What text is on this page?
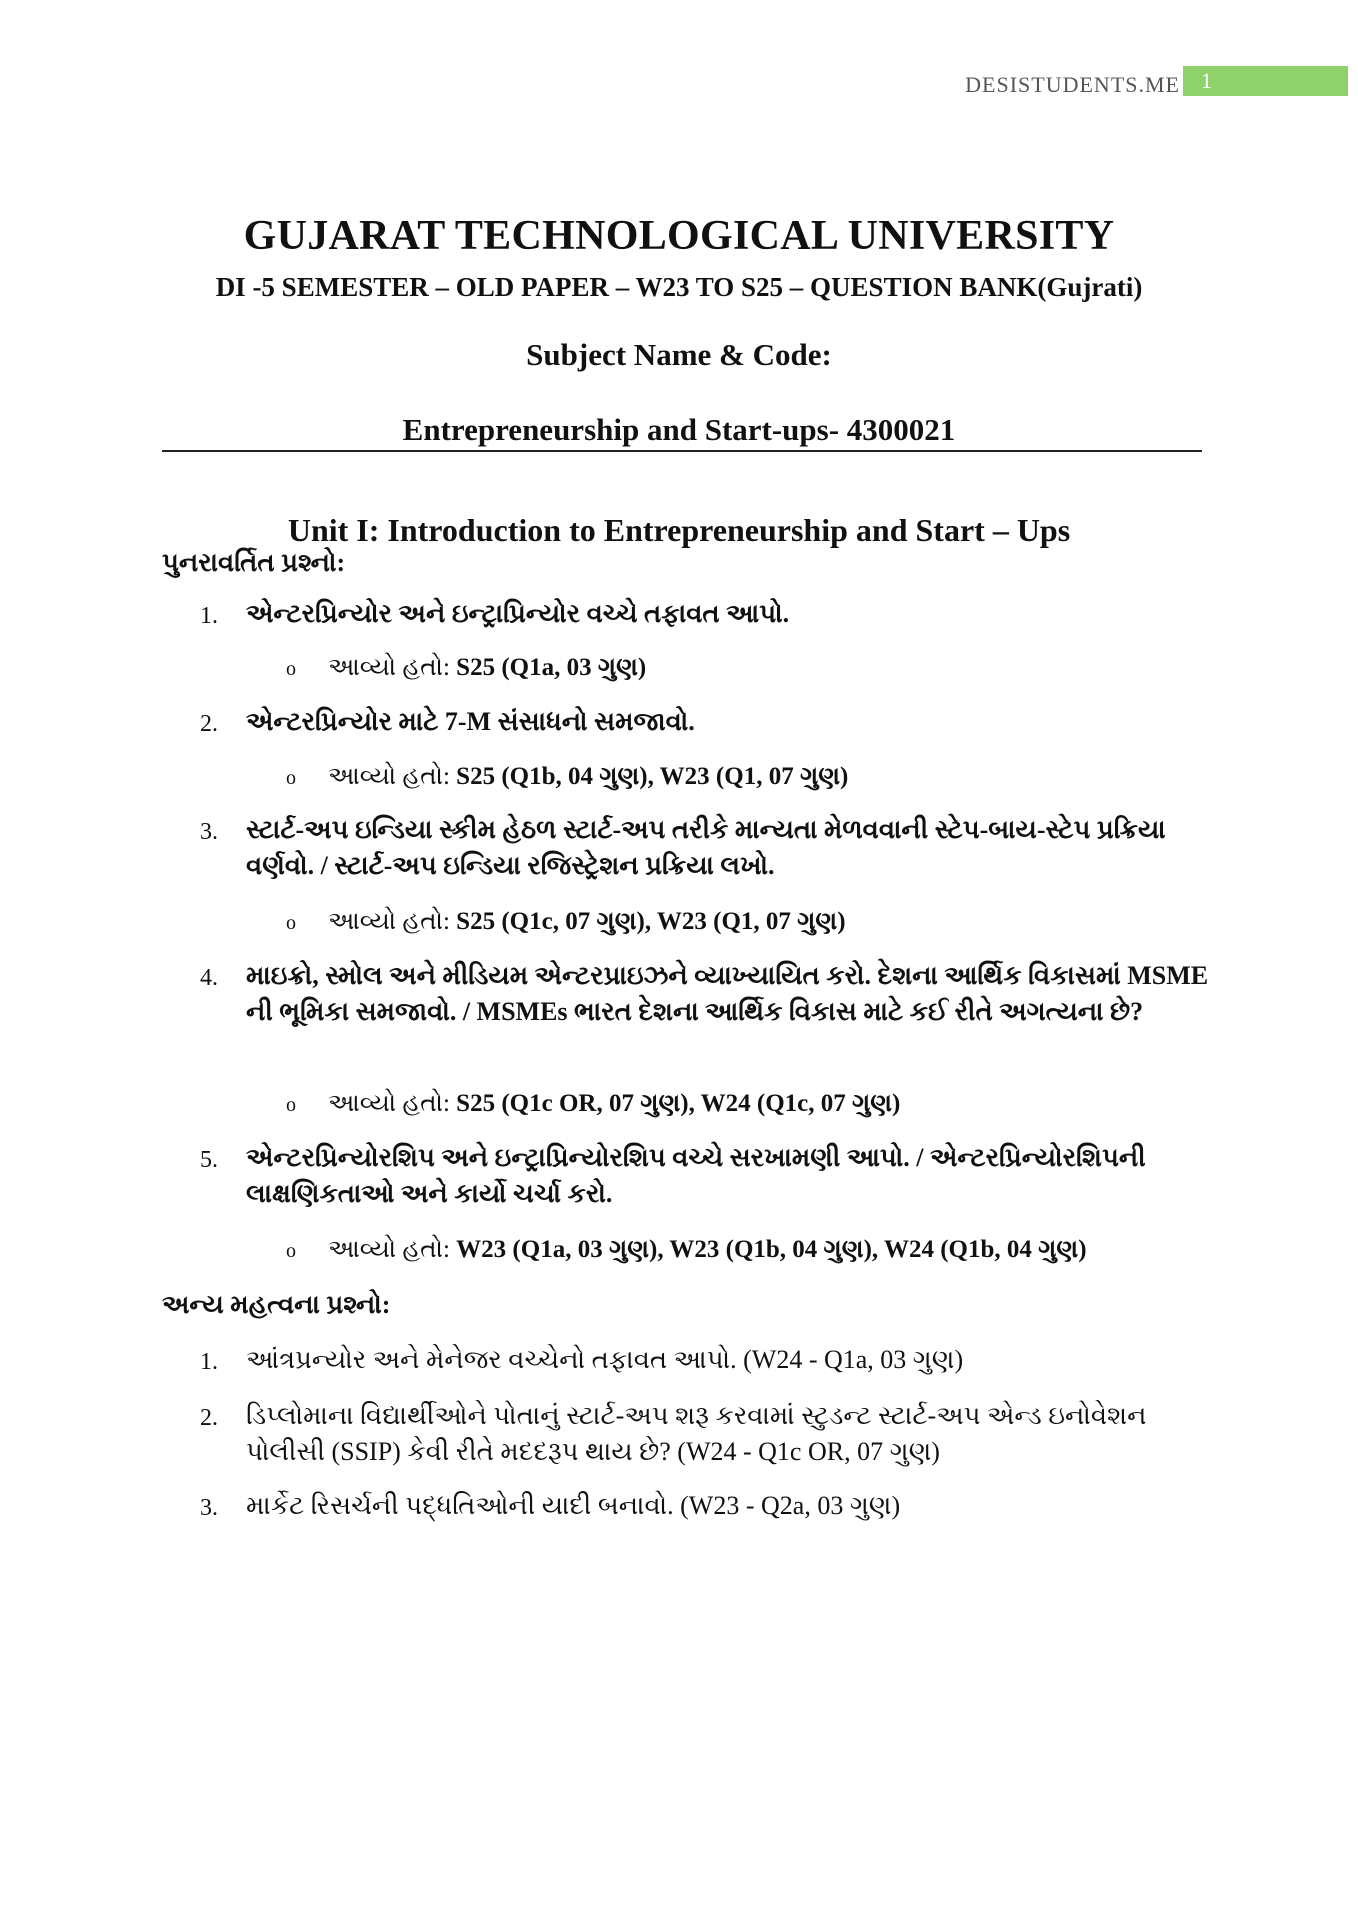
DESISTUDENTS.ME 1
GUJARAT TECHNOLOGICAL UNIVERSITY
DI -5 SEMESTER – OLD PAPER – W23 TO S25 – QUESTION BANK(Gujrati)
Subject Name & Code:
Entrepreneurship and Start-ups- 4300021
Unit I: Introduction to Entrepreneurship and Start – Ups
પુનરાવર્તિત પ્રશ્નો:
1.	એન્ટરપ્રિન્યોર અને ઇન્ટ્રાપ્રિન્યોર વચ્ચે તફાવત આપો.
o આવ્યો હતો: S25 (Q1a, 03 ગુણ)
2.	એન્ટરપ્રિન્યોર માટે 7-M સંસાધનો સમજાવો.
o આવ્યો હતો: S25 (Q1b, 04 ગુણ), W23 (Q1, 07 ગુણ)
3.	સ્ટાર્ટ-અપ ઇન્ડિયા સ્કીમ હેઠળ સ્ટાર્ટ-અપ તરીકે માન્યતા મેળવવાની સ્ટેપ-બાય-સ્ટેપ પ્રક્રિયા વર્ણવો. / સ્ટાર્ટ-અપ ઇન્ડિયા રજિસ્ટ્રેશન પ્રક્રિયા લખો.
o આવ્યો હતો: S25 (Q1c, 07 ગુણ), W23 (Q1, 07 ગુણ)
4.	માઇક્રો, સ્મોલ અને મીડિયમ એન્ટરપ્રાઇઝને વ્યાખ્યાયિત કરો. દેશના આર્થિક વિકાસમાં MSME ની ભૂમિકા સમજાવો. / MSMEs ભારત દેશના આર્થિક વિકાસ માટે કઈ રીતે અગત્યના છે?
o આવ્યો હતો: S25 (Q1c OR, 07 ગુણ), W24 (Q1c, 07 ગુણ)
5.	એન્ટરપ્રિન્યોરશિપ અને ઇન્ટ્રાપ્રિન્યોરશિપ વચ્ચે સરખામણી આપો. / એન્ટરપ્રિન્યોરશિપની લાક્ષણિકતાઓ અને કાર્યો ચર્ચા કરો.
o આવ્યો હતો: W23 (Q1a, 03 ગુણ), W23 (Q1b, 04 ગુણ), W24 (Q1b, 04 ગુણ)
અન્ય મહત્વના પ્રશ્નો:
1.	આંત્રપ્રન્યોર અને મેનેજર વચ્ચેનો તફાવત આપો. (W24 - Q1a, 03 ગુણ)
2.	ડિપ્લોમાના વિદ્યાર્થીઓને પોતાનું સ્ટાર્ટ-અપ શરૂ કરવામાં સ્ટુડન્ટ સ્ટાર્ટ-અપ એન્ડ ઇનોવેશન પોલીસી (SSIP) કેવી રીતે મદદરૂપ થાય છે? (W24 - Q1c OR, 07 ગુણ)
3.	માર્કેટ રિસર્ચની પદ્ધતિઓની યાદી બનાવો. (W23 - Q2a, 03 ગુણ)
